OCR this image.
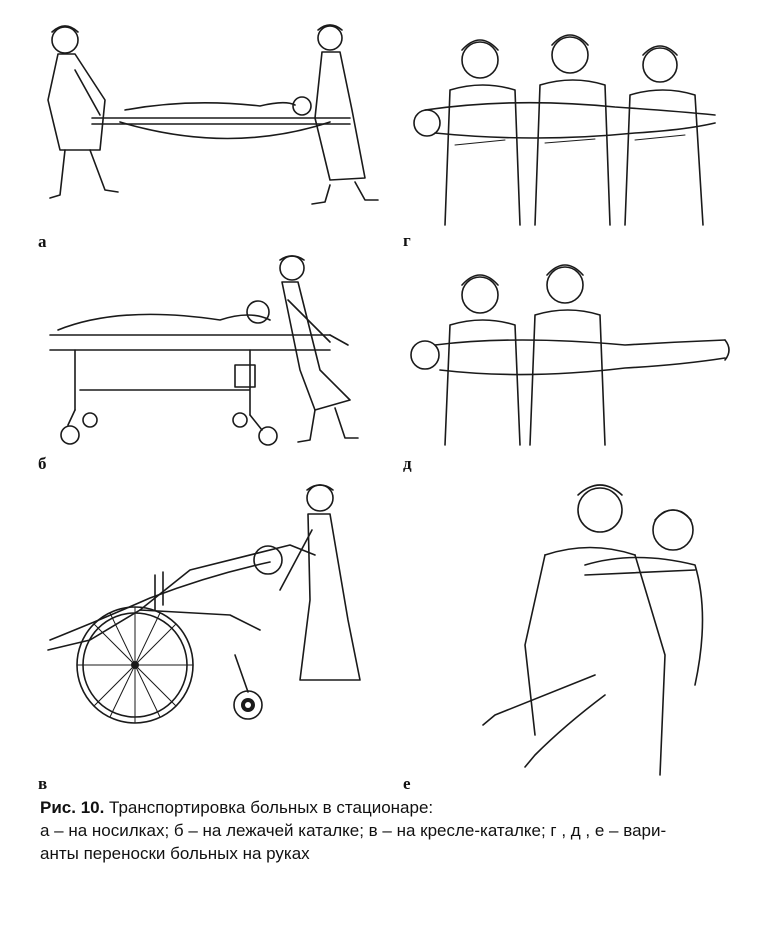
а	г
б	д
в	е
Рис. 10. Транспортировка больных в стационаре:
а – на носилках; б – на лежачей каталке; в – на кресле-каталке; г , д , е – вари-
анты переноски больных на руках
